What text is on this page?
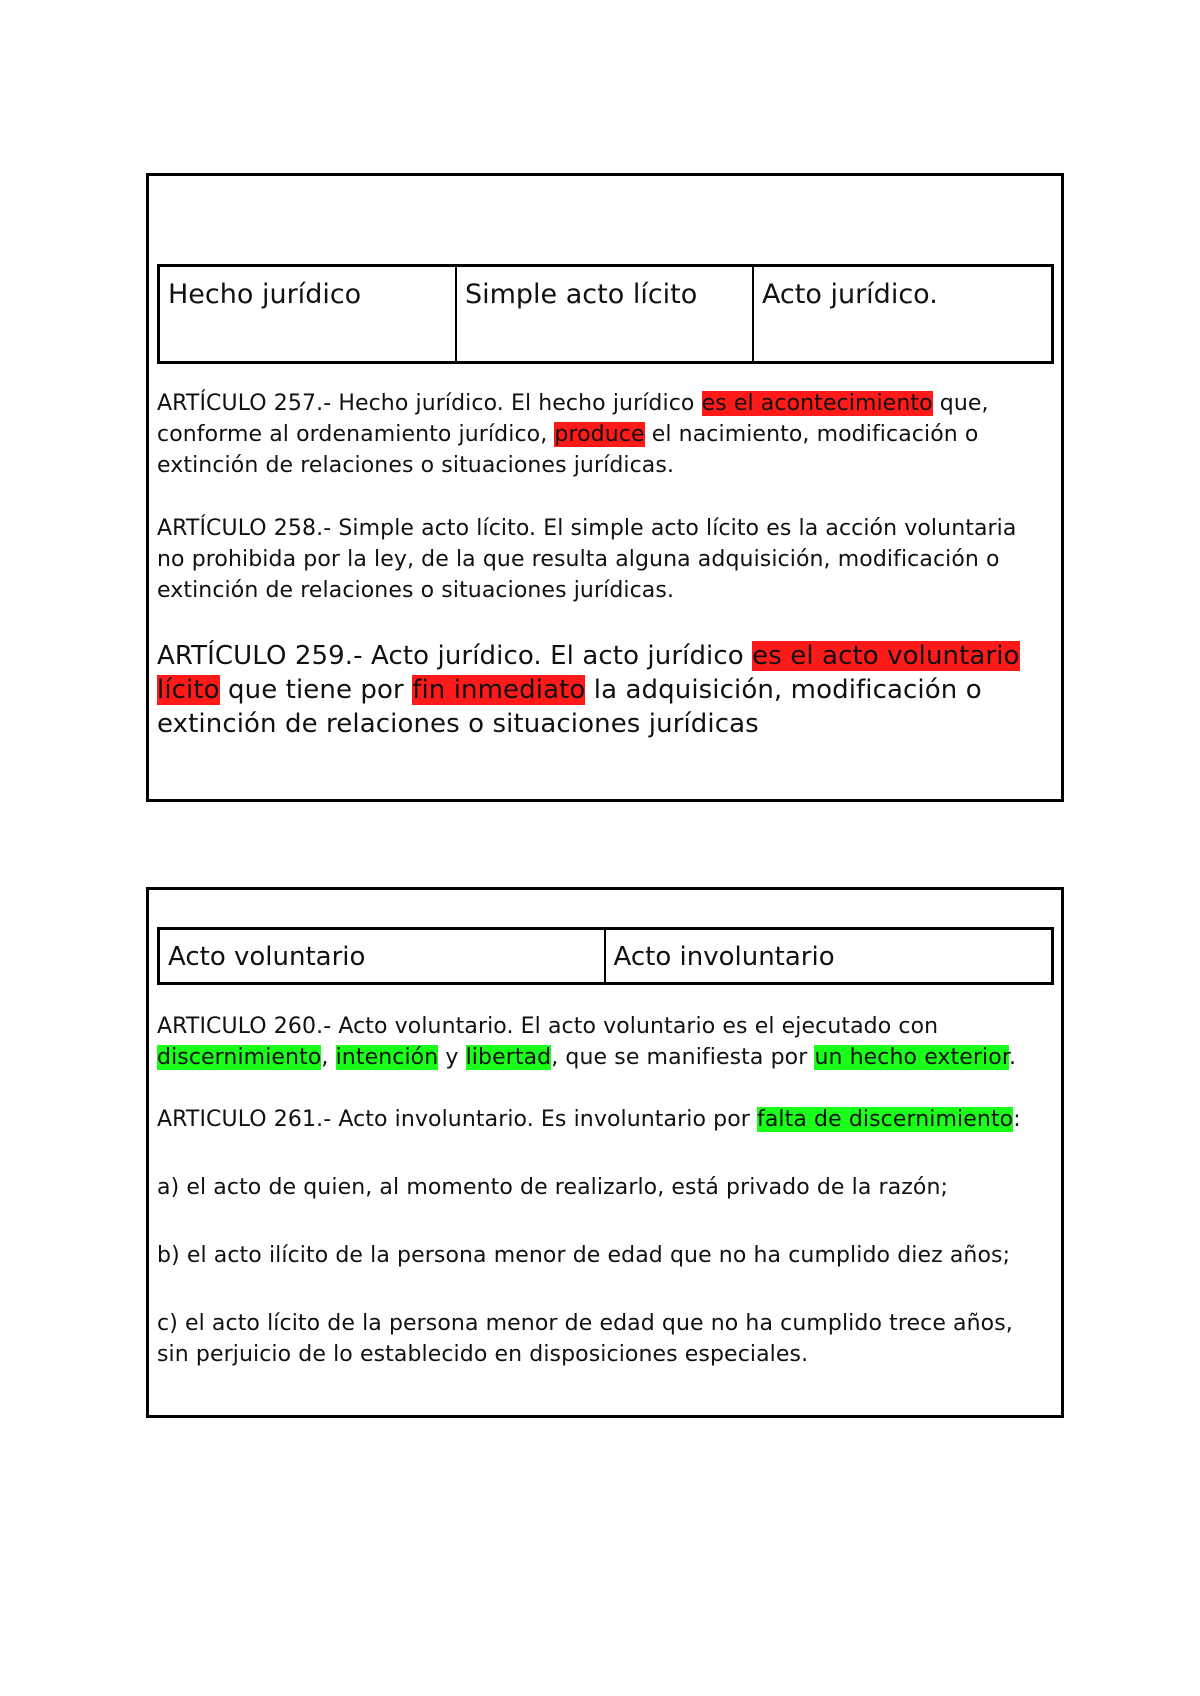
Hecho jurídico	Simple acto lícito	Acto jurídico.

ARTÍCULO 257.- Hecho jurídico. El hecho jurídico es el acontecimiento que, conforme al ordenamiento jurídico, produce el nacimiento, modificación o extinción de relaciones o situaciones jurídicas.

ARTÍCULO 258.- Simple acto lícito. El simple acto lícito es la acción voluntaria no prohibida por la ley, de la que resulta alguna adquisición, modificación o extinción de relaciones o situaciones jurídicas.

ARTÍCULO 259.- Acto jurídico. El acto jurídico es el acto voluntario lícito que tiene por fin inmediato la adquisición, modificación o extinción de relaciones o situaciones jurídicas

Acto voluntario	Acto involuntario

ARTICULO 260.- Acto voluntario. El acto voluntario es el ejecutado con discernimiento, intención y libertad, que se manifiesta por un hecho exterior.

ARTICULO 261.- Acto involuntario. Es involuntario por falta de discernimiento:

a) el acto de quien, al momento de realizarlo, está privado de la razón;

b) el acto ilícito de la persona menor de edad que no ha cumplido diez años;

c) el acto lícito de la persona menor de edad que no ha cumplido trece años, sin perjuicio de lo establecido en disposiciones especiales.
